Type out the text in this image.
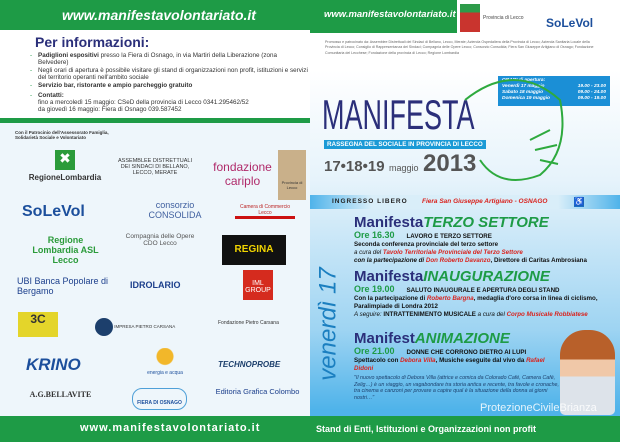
www.manifestavolontariato.it
Per informazioni:
- Padiglioni espositivi presso la Fiera di Osnago, in via Martiri della Liberazione (zona Belvedere)
- Negli orari di apertura è possibile visitare gli stand di organizzazioni non profit, istituzioni e servizi del territorio operanti nell'ambito sociale
- Servizio bar, ristorante e ampio parcheggio gratuito
- Contatti:
fino a mercoledì 15 maggio: CSeD della provincia di Lecco 0341.295462/52
da giovedì 16 maggio: Fiera di Osnago 039.587452
Con il Patrocinio dell'Assessorato Famiglia, Solidarietà Sociale e Volontariato
✖
RegioneLombardia
ASSEMBLEE DISTRETTUALI DEI SINDACI DI BELLANO, LECCO, MERATE	fondazione cariplo	Provincia di Lecco
SoLeVol	consorzio CONSOLIDA
Camera di Commercio Lecco
Regione Lombardia ASL Lecco
Compagnia delle Opere CDO Lecco
REGINA
UBI Banca Popolare di Bergamo
IDROLARIO	IML GROUP
3C
IMPRESA PIETRO CARSANA
Fondazione Pietro Carsana
KRINO	energia e acqua
TECHNOPROBE
A.G.BELLAVITE
FIERA DI OSNAGO
Editoria Grafica Colombo
www.manifestavolontariato.it
www.manifestavolontariato.it	Provincia di Lecco SoLeVol
Promosso e patrocinato da: Assemblee Distrettuali dei Sindaci di Bellano, Lecco, Merate; Azienda Ospedaliera della Provincia di Lecco; Azienda Sanitaria Locale della Provincia di Lecco; Consiglio di Rappresentanza dei Sindaci; Compagnia delle Opere Lecco; Consorzio Consolida; Fiera San Giuseppe Artigiano di Osnago; Fondazione Comunitaria del Lecchese; Fondazione della provincia di Lecco; Regione Lombardia
ORARI di apertura:
Venerdì 17 maggio	19.00 - 23.00
Sabato 18 maggio	09.00 - 24.00
Domenica 19 maggio	09.00 - 19.00
MANIFESTA
RASSEGNA DEL SOCIALE IN PROVINCIA DI LECCO
17•18•19 maggio 2013
INGRESSO LIBERO Fiera San Giuseppe Artigiano - OSNAGO	♿
venerdì 17
ManifestaTERZO SETTORE
Ore 16.30 LAVORO E TERZO SETTORE
Seconda conferenza provinciale del terzo settore
a cura del Tavolo Territoriale Provinciale del Terzo Settore
con la partecipazione di Don Roberto Davanzo, Direttore di Caritas Ambrosiana
ManifestaINAUGURAZIONE
Ore 19.00 SALUTO INAUGURALE E APERTURA DEGLI STAND
Con la partecipazione di Roberto Bargna, medaglia d'oro corsa in linea di ciclismo, Paralimpiade di Londra 2012
A seguire: INTRATTENIMENTO MUSICALE a cura del Corpo Musicale Robbiatese
ManifestANIMAZIONE
Ore 21.00 DONNE CHE CORRONO DIETRO AI LUPI
Spettacolo con Debora Villa, Musiche eseguite dal vivo da Rafael Didoni
"Il nuovo spettacolo di Debora Villa (attrice e comica da Colorado Café, Camera Café, Zelig…) è un viaggio, un vagabondare tra storia antica e recente, tra favole e cronache, tra cinema e canzoni per provare a capire qual è la situazione della donna ai giorni nostri…"
ProtezioneCivileBrianza
Stand di Enti, Istituzioni e Organizzazioni non profit
